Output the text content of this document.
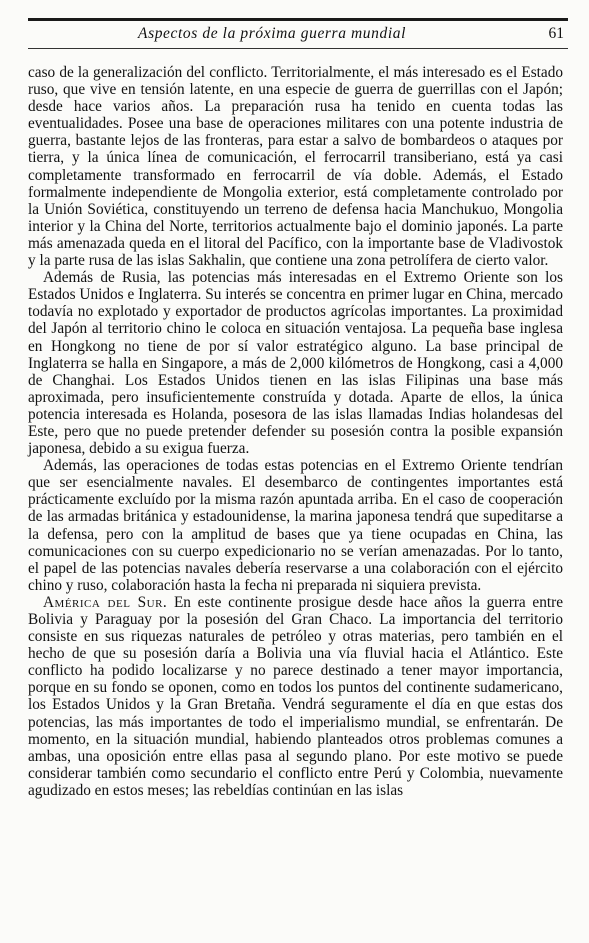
Aspectos de la próxima guerra mundial	61

caso de la generalización del conflicto. Territorialmente, el más interesado es el Estado ruso, que vive en tensión latente, en una especie de guerra de guerrillas con el Japón; desde hace varios años. La preparación rusa ha tenido en cuenta todas las eventualidades. Posee una base de operaciones militares con una potente industria de guerra, bastante lejos de las fronteras, para estar a salvo de bombardeos o ataques por tierra, y la única línea de comunicación, el ferrocarril transiberiano, está ya casi completamente transformado en ferrocarril de vía doble. Además, el Estado formalmente independiente de Mongolia exterior, está completamente controlado por la Unión Soviética, constituyendo un terreno de defensa hacia Manchukuo, Mongolia interior y la China del Norte, territorios actualmente bajo el dominio japonés. La parte más amenazada queda en el litoral del Pacífico, con la importante base de Vladivostok y la parte rusa de las islas Sakhalin, que contiene una zona petrolífera de cierto valor.

Además de Rusia, las potencias más interesadas en el Extremo Oriente son los Estados Unidos e Inglaterra. Su interés se concentra en primer lugar en China, mercado todavía no explotado y exportador de productos agrícolas importantes. La proximidad del Japón al territorio chino le coloca en situación ventajosa. La pequeña base inglesa en Hongkong no tiene de por sí valor estratégico alguno. La base principal de Inglaterra se halla en Singapore, a más de 2,000 kilómetros de Hongkong, casi a 4,000 de Changhai. Los Estados Unidos tienen en las islas Filipinas una base más aproximada, pero insuficientemente construída y dotada. Aparte de ellos, la única potencia interesada es Holanda, posesora de las islas llamadas Indias holandesas del Este, pero que no puede pretender defender su posesión contra la posible expansión japonesa, debido a su exigua fuerza.

Además, las operaciones de todas estas potencias en el Extremo Oriente tendrían que ser esencialmente navales. El desembarco de contingentes importantes está prácticamente excluído por la misma razón apuntada arriba. En el caso de cooperación de las armadas británica y estadounidense, la marina japonesa tendrá que supeditarse a la defensa, pero con la amplitud de bases que ya tiene ocupadas en China, las comunicaciones con su cuerpo expedicionario no se verían amenazadas. Por lo tanto, el papel de las potencias navales debería reservarse a una colaboración con el ejército chino y ruso, colaboración hasta la fecha ni preparada ni siquiera prevista.

América del Sur. En este continente prosigue desde hace años la guerra entre Bolivia y Paraguay por la posesión del Gran Chaco. La importancia del territorio consiste en sus riquezas naturales de petróleo y otras materias, pero también en el hecho de que su posesión daría a Bolivia una vía fluvial hacia el Atlántico. Este conflicto ha podido localizarse y no parece destinado a tener mayor importancia, porque en su fondo se oponen, como en todos los puntos del continente sudamericano, los Estados Unidos y la Gran Bretaña. Vendrá seguramente el día en que estas dos potencias, las más importantes de todo el imperialismo mundial, se enfrentarán. De momento, en la situación mundial, habiendo planteados otros problemas comunes a ambas, una oposición entre ellas pasa al segundo plano. Por este motivo se puede considerar también como secundario el conflicto entre Perú y Colombia, nuevamente agudizado en estos meses; las rebeldías continúan en las islas
